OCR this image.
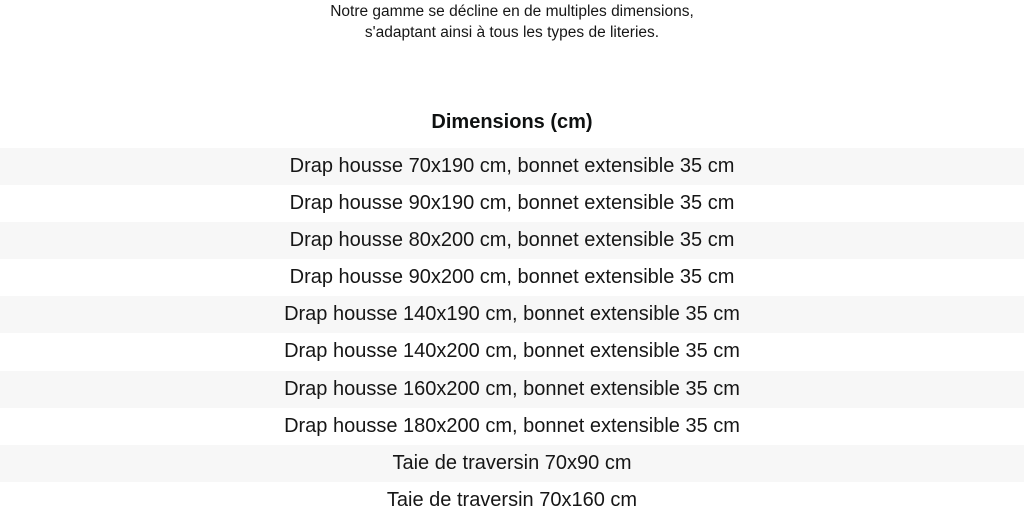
Notre gamme se décline en de multiples dimensions,
s'adaptant ainsi à tous les types de literies.
Dimensions (cm)
Drap housse 70x190 cm, bonnet extensible 35 cm
Drap housse 90x190 cm, bonnet extensible 35 cm
Drap housse 80x200 cm, bonnet extensible 35 cm
Drap housse 90x200 cm, bonnet extensible 35 cm
Drap housse 140x190 cm, bonnet extensible 35 cm
Drap housse 140x200 cm, bonnet extensible 35 cm
Drap housse 160x200 cm, bonnet extensible 35 cm
Drap housse 180x200 cm, bonnet extensible 35 cm
Taie de traversin 70x90 cm
Taie de traversin 70x160 cm
